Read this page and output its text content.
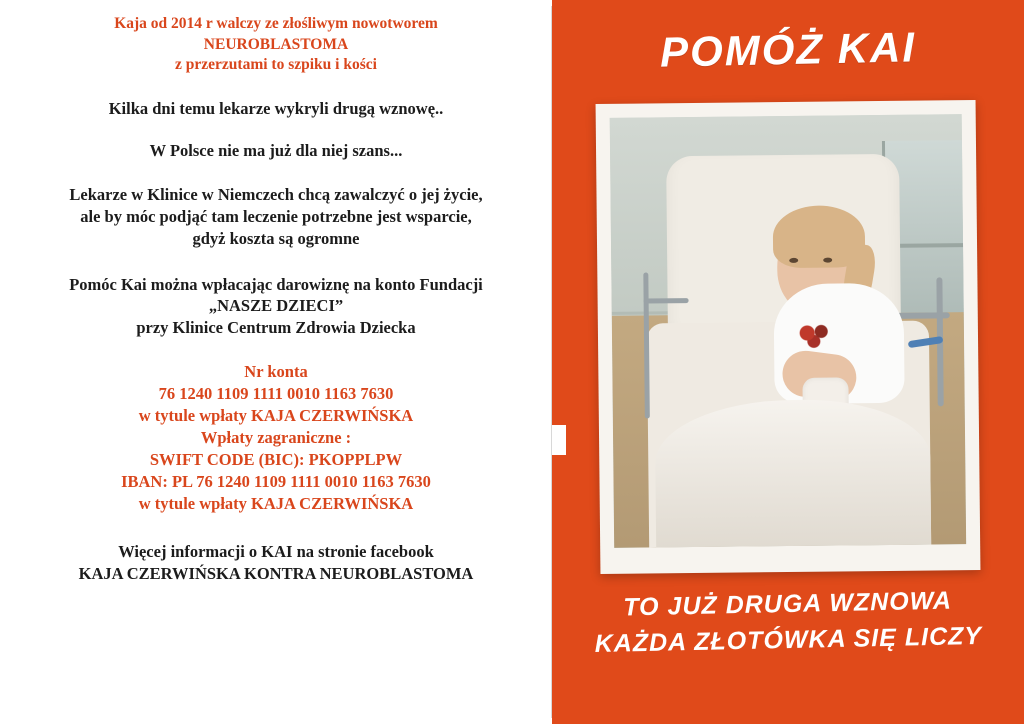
Kaja od 2014 r walczy ze złośliwym nowotworem
NEUROBLASTOMA
z przerzutami to szpiku i kości
Kilka dni temu lekarze wykryli drugą wznowę..
W Polsce nie ma już dla niej szans...
Lekarze w Klinice w Niemczech chcą zawalczyć o jej życie,
ale by móc podjąć tam leczenie potrzebne jest wsparcie,
gdyż koszta są ogromne
Pomóc Kai można wpłacając darowiznę na konto Fundacji
„NASZE DZIECI”
przy Klinice Centrum Zdrowia Dziecka
Nr konta
76 1240 1109 1111 0010 1163 7630
w tytule wpłaty KAJA CZERWIŃSKA
Wpłaty zagraniczne :
SWIFT CODE (BIC): PKOPPLPW
IBAN: PL 76 1240 1109 1111 0010 1163 7630
w tytule wpłaty KAJA CZERWIŃSKA
Więcej informacji o KAI na stronie facebook
KAJA CZERWIŃSKA KONTRA NEUROBLASTOMA
POMÓŻ KAI
TO JUŻ DRUGA WZNOWA
KAŻDA ZŁOTÓWKA SIĘ LICZY
